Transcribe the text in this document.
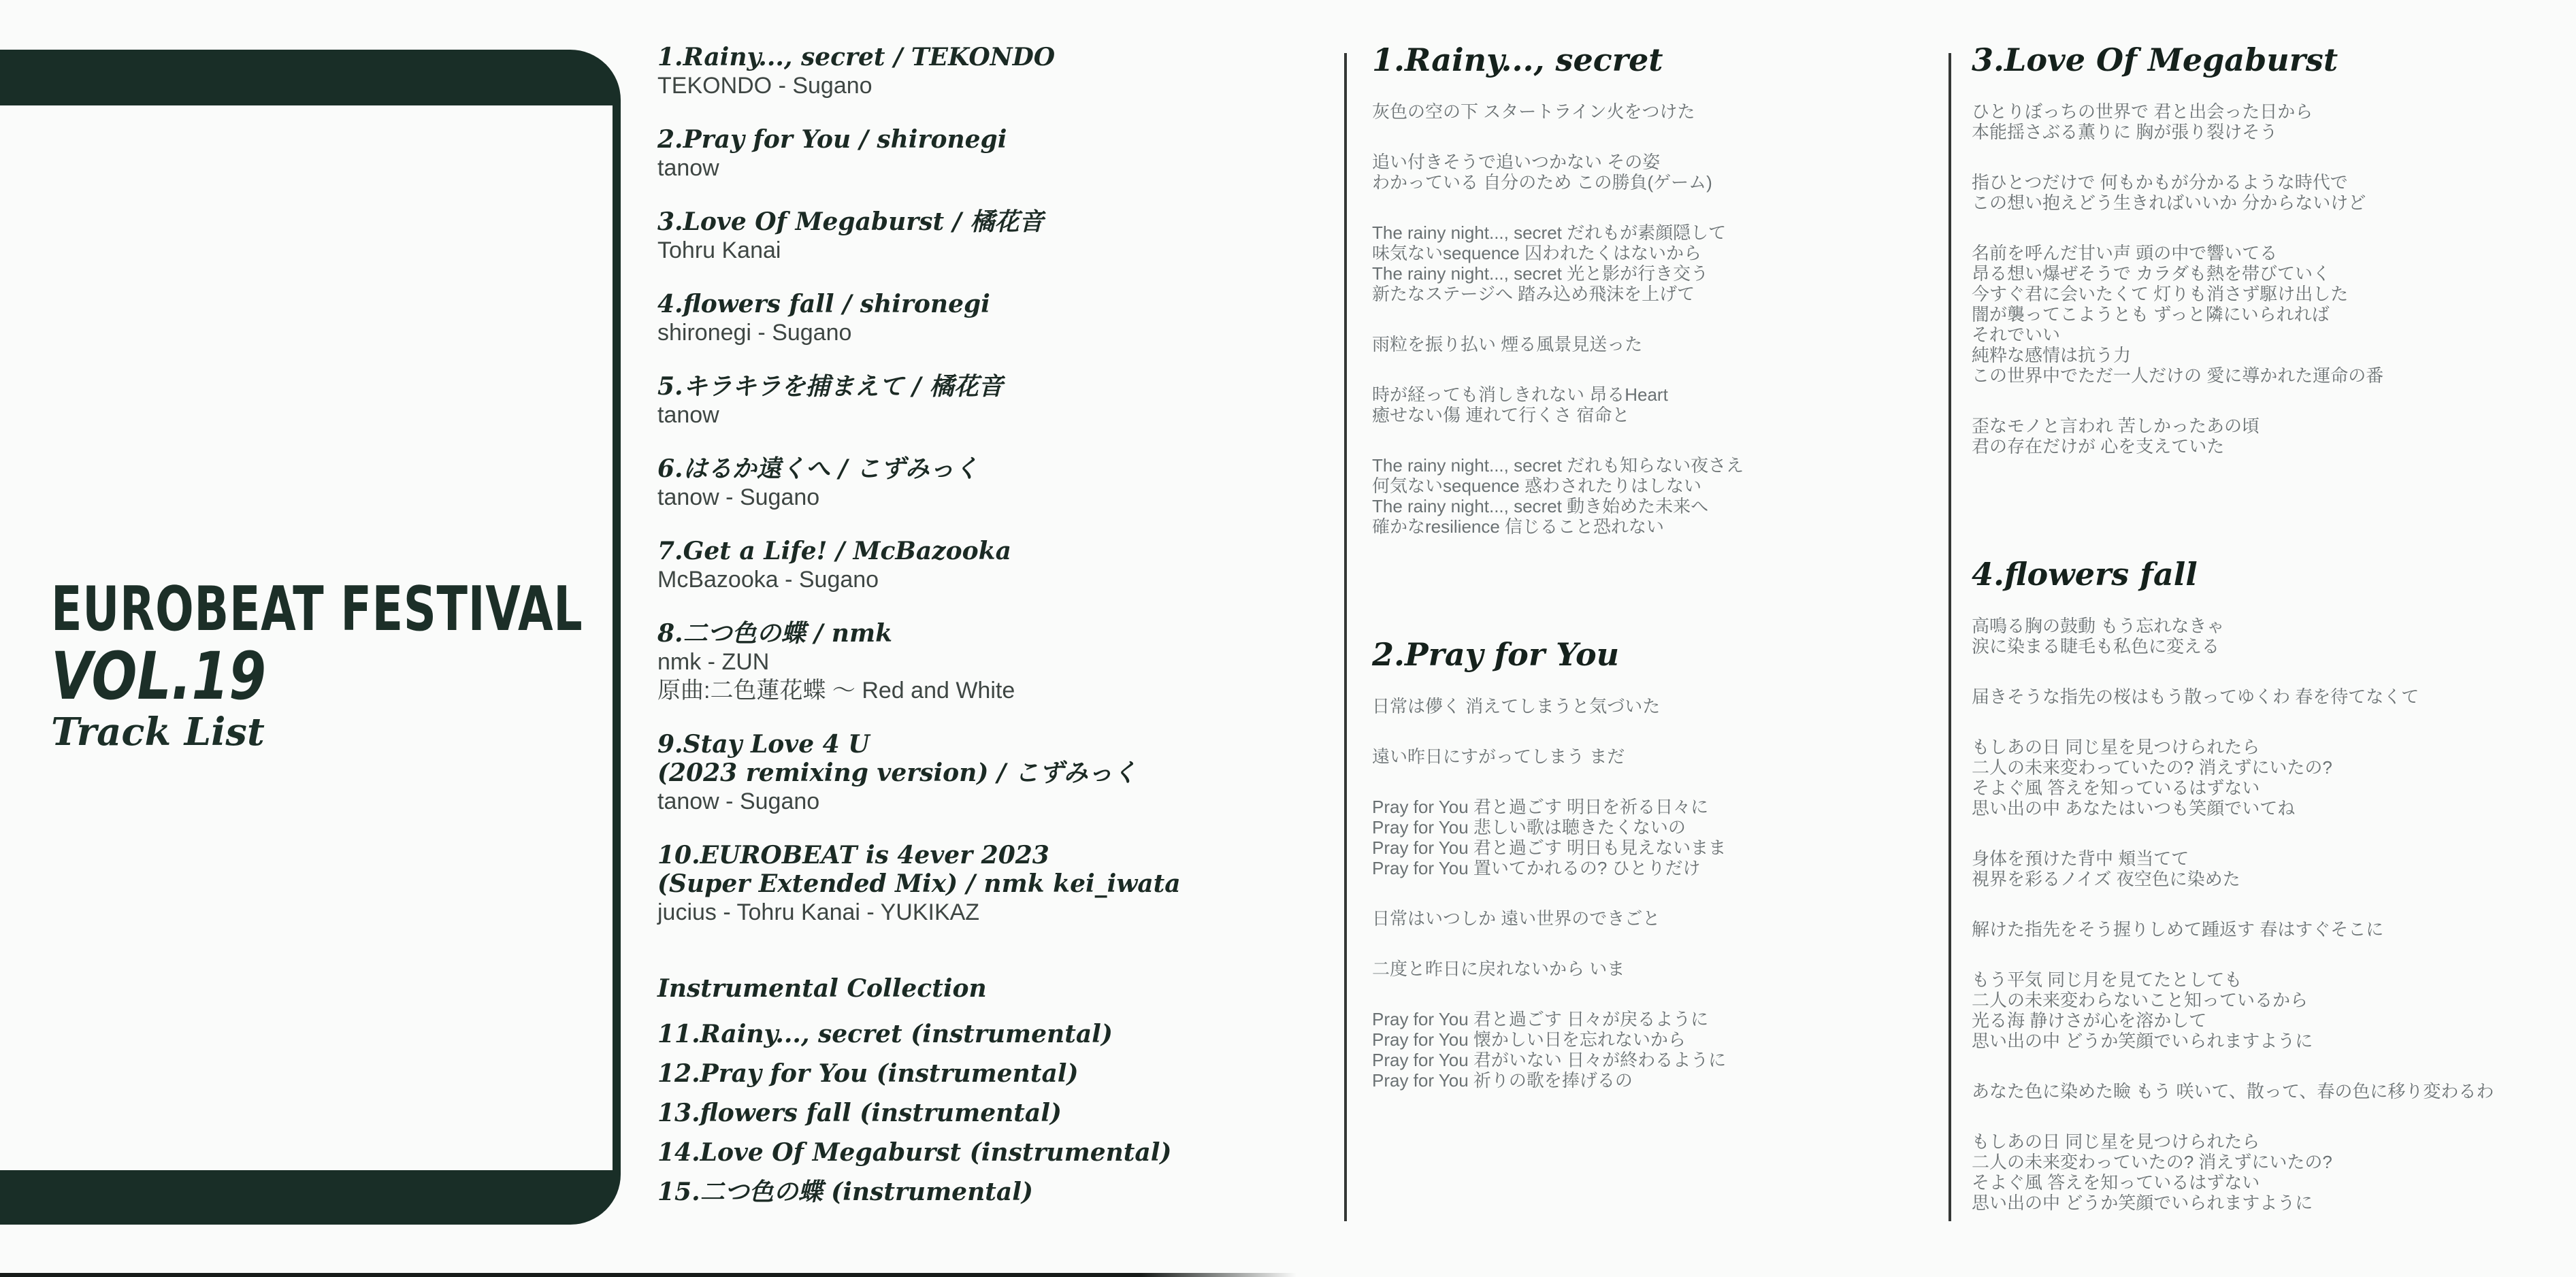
EUROBEAT FESTIVAL
VOL.19
Track List
1.Rainy..., secret / TEKONDO
TEKONDO - Sugano
2.Pray for You / shironegi
tanow
3.Love Of Megaburst / 橘花音
Tohru Kanai
4.flowers fall / shironegi
shironegi - Sugano
5.キラキラを捕まえて / 橘花音
tanow
6.はるか遠くへ / こずみっく
tanow - Sugano
7.Get a Life! / McBazooka
McBazooka - Sugano
8.二つ色の蝶 / nmk
nmk - ZUN
原曲:二色蓮花蝶 ～ Red and White
9.Stay Love 4 U
(2023 remixing version) / こずみっく
tanow - Sugano
10.EUROBEAT is 4ever 2023
(Super Extended Mix) / nmk kei_iwata
jucius - Tohru Kanai - YUKIKAZ
Instrumental Collection
11.Rainy..., secret (instrumental)
12.Pray for You (instrumental)
13.flowers fall (instrumental)
14.Love Of Megaburst (instrumental)
15.二つ色の蝶 (instrumental)
1.Rainy..., secret
灰色の空の下 スタートライン火をつけた
追い付きそうで追いつかない その姿
わかっている 自分のため この勝負(ゲーム)
The rainy night..., secret だれもが素顔隠して
味気ないsequence 囚われたくはないから
The rainy night..., secret 光と影が行き交う
新たなステージへ 踏み込め飛沫を上げて
雨粒を振り払い 煙る風景見送った
時が経っても消しきれない 昂るHeart
癒せない傷 連れて行くさ 宿命と
The rainy night..., secret だれも知らない夜さえ
何気ないsequence 惑わされたりはしない
The rainy night..., secret 動き始めた未来へ
確かなresilience 信じること恐れない
2.Pray for You
日常は儚く 消えてしまうと気づいた
遠い昨日にすがってしまう まだ
Pray for You 君と過ごす 明日を祈る日々に
Pray for You 悲しい歌は聴きたくないの
Pray for You 君と過ごす 明日も見えないまま
Pray for You 置いてかれるの? ひとりだけ
日常はいつしか 遠い世界のできごと
二度と昨日に戻れないから いま
Pray for You 君と過ごす 日々が戻るように
Pray for You 懐かしい日を忘れないから
Pray for You 君がいない 日々が終わるように
Pray for You 祈りの歌を捧げるの
3.Love Of Megaburst
ひとりぼっちの世界で 君と出会った日から
本能揺さぶる薫りに 胸が張り裂けそう
指ひとつだけで 何もかもが分かるような時代で
この想い抱えどう生きればいいか 分からないけど
名前を呼んだ甘い声 頭の中で響いてる
昂る想い爆ぜそうで カラダも熱を帯びていく
今すぐ君に会いたくて 灯りも消さず駆け出した
闇が襲ってこようとも ずっと隣にいられれば
それでいい
純粋な感情は抗う力
この世界中でただ一人だけの 愛に導かれた運命の番
歪なモノと言われ 苦しかったあの頃
君の存在だけが 心を支えていた
4.flowers fall
高鳴る胸の鼓動 もう忘れなきゃ
涙に染まる睫毛も私色に変える
届きそうな指先の桜はもう散ってゆくわ 春を待てなくて
もしあの日 同じ星を見つけられたら
二人の未来変わっていたの? 消えずにいたの?
そよぐ風 答えを知っているはずない
思い出の中 あなたはいつも笑顔でいてね
身体を預けた背中 頬当てて
視界を彩るノイズ 夜空色に染めた
解けた指先をそう握りしめて踵返す 春はすぐそこに
もう平気 同じ月を見てたとしても
二人の未来変わらないこと知っているから
光る海 静けさが心を溶かして
思い出の中 どうか笑顔でいられますように
あなた色に染めた瞼 もう 咲いて、散って、春の色に移り変わるわ
もしあの日 同じ星を見つけられたら
二人の未来変わっていたの? 消えずにいたの?
そよぐ風 答えを知っているはずない
思い出の中 どうか笑顔でいられますように
